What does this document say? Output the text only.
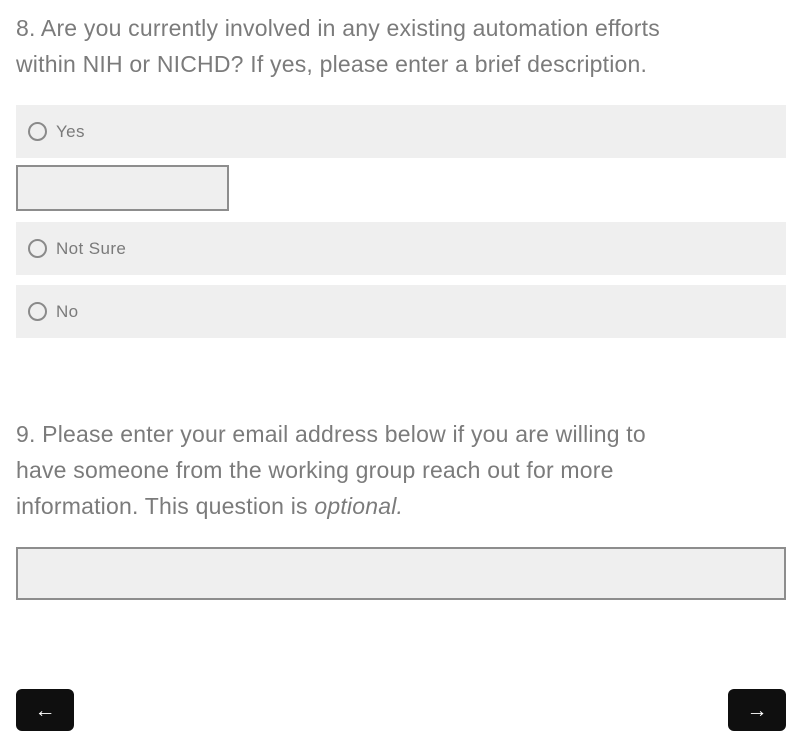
8. Are you currently involved in any existing automation efforts
within NIH or NICHD? If yes, please enter a brief description.
Yes
Not Sure
No
9. Please enter your email address below if you are willing to
have someone from the working group reach out for more
information. This question is optional.
←	→
